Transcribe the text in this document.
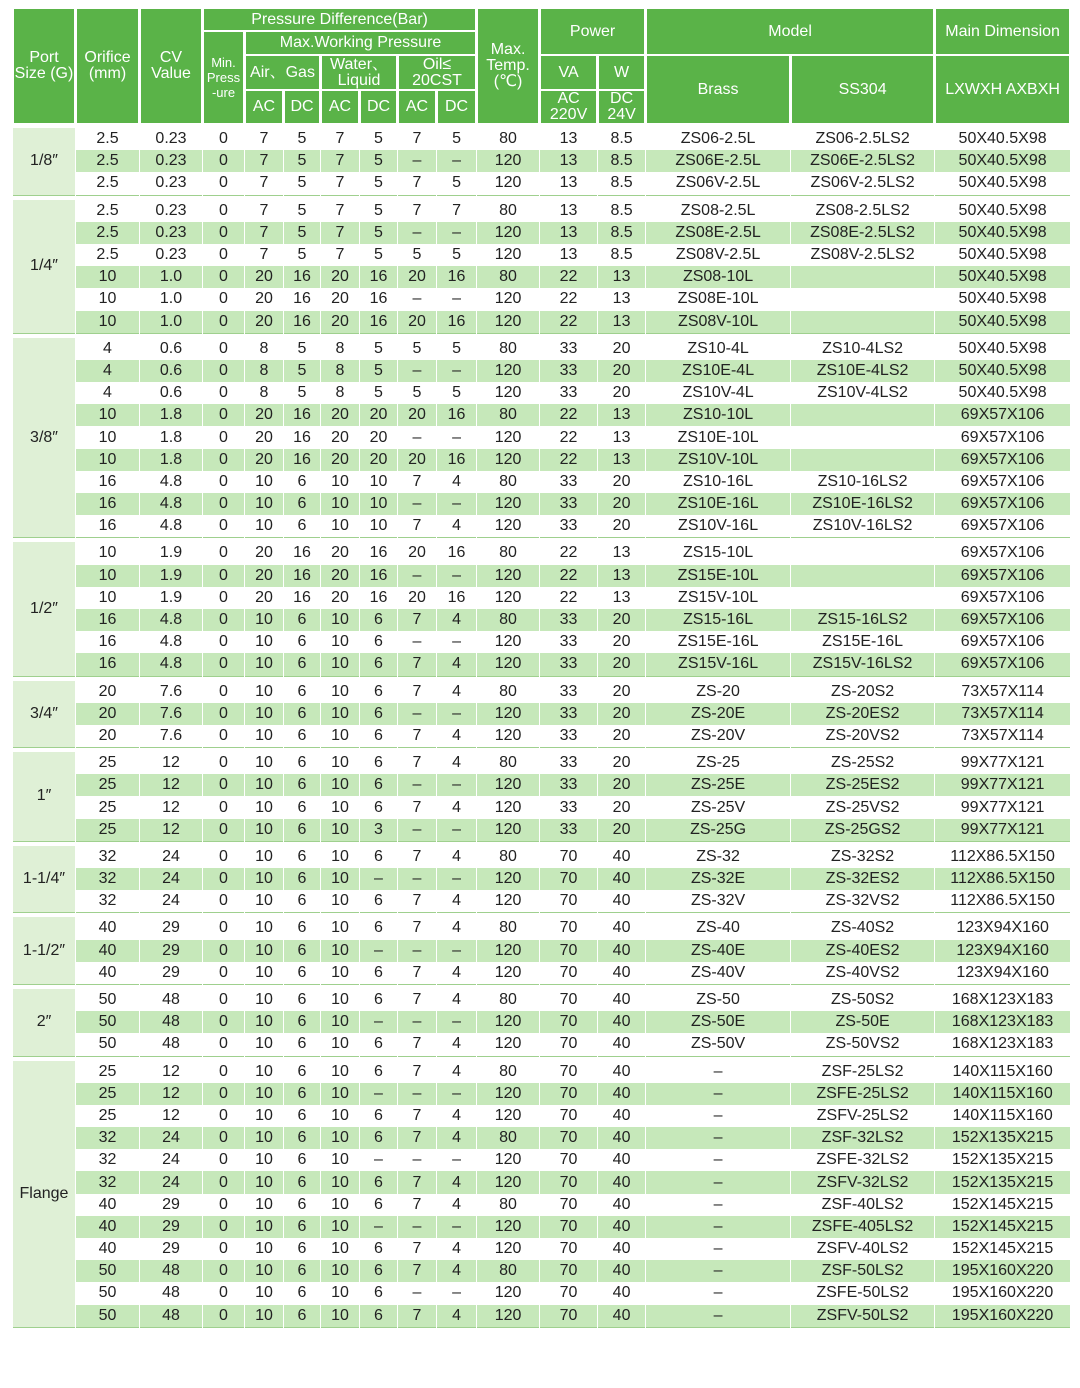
Port Size (G)	Orifice (mm)	CV Value	Pressure Difference(Bar)							Max. Temp. (℃)	Power		Model		Main Dimension
			Min. Press -ure	Max.Working Pressure											
				Air、Gas		Water、Liquid		Oil≤ 20CST			VA	W	Brass	SS304	LXWXH AXBXH
				AC	DC	AC	DC	AC	DC		AC 220V	DC 24V			
1/8″	2.5	0.23	0	7	5	7	5	7	5	80	13	8.5	ZS06-2.5L	ZS06-2.5LS2	50X40.5X98
	2.5	0.23	0	7	5	7	5	–	–	120	13	8.5	ZS06E-2.5L	ZS06E-2.5LS2	50X40.5X98
	2.5	0.23	0	7	5	7	5	7	5	120	13	8.5	ZS06V-2.5L	ZS06V-2.5LS2	50X40.5X98
1/4″	2.5	0.23	0	7	5	7	5	7	7	80	13	8.5	ZS08-2.5L	ZS08-2.5LS2	50X40.5X98
	2.5	0.23	0	7	5	7	5	–	–	120	13	8.5	ZS08E-2.5L	ZS08E-2.5LS2	50X40.5X98
	2.5	0.23	0	7	5	7	5	5	5	120	13	8.5	ZS08V-2.5L	ZS08V-2.5LS2	50X40.5X98
	10	1.0	0	20	16	20	16	20	16	80	22	13	ZS08-10L		50X40.5X98
	10	1.0	0	20	16	20	16	–	–	120	22	13	ZS08E-10L		50X40.5X98
	10	1.0	0	20	16	20	16	20	16	120	22	13	ZS08V-10L		50X40.5X98
3/8″	4	0.6	0	8	5	8	5	5	5	80	33	20	ZS10-4L	ZS10-4LS2	50X40.5X98
	4	0.6	0	8	5	8	5	–	–	120	33	20	ZS10E-4L	ZS10E-4LS2	50X40.5X98
	4	0.6	0	8	5	8	5	5	5	120	33	20	ZS10V-4L	ZS10V-4LS2	50X40.5X98
	10	1.8	0	20	16	20	20	20	16	80	22	13	ZS10-10L		69X57X106
	10	1.8	0	20	16	20	20	–	–	120	22	13	ZS10E-10L		69X57X106
	10	1.8	0	20	16	20	20	20	16	120	22	13	ZS10V-10L		69X57X106
	16	4.8	0	10	6	10	10	7	4	80	33	20	ZS10-16L	ZS10-16LS2	69X57X106
	16	4.8	0	10	6	10	10	–	–	120	33	20	ZS10E-16L	ZS10E-16LS2	69X57X106
	16	4.8	0	10	6	10	10	7	4	120	33	20	ZS10V-16L	ZS10V-16LS2	69X57X106
1/2″	10	1.9	0	20	16	20	16	20	16	80	22	13	ZS15-10L		69X57X106
	10	1.9	0	20	16	20	16	–	–	120	22	13	ZS15E-10L		69X57X106
	10	1.9	0	20	16	20	16	20	16	120	22	13	ZS15V-10L		69X57X106
	16	4.8	0	10	6	10	6	7	4	80	33	20	ZS15-16L	ZS15-16LS2	69X57X106
	16	4.8	0	10	6	10	6	–	–	120	33	20	ZS15E-16L	ZS15E-16L	69X57X106
	16	4.8	0	10	6	10	6	7	4	120	33	20	ZS15V-16L	ZS15V-16LS2	69X57X106
3/4″	20	7.6	0	10	6	10	6	7	4	80	33	20	ZS-20	ZS-20S2	73X57X114
	20	7.6	0	10	6	10	6	–	–	120	33	20	ZS-20E	ZS-20ES2	73X57X114
	20	7.6	0	10	6	10	6	7	4	120	33	20	ZS-20V	ZS-20VS2	73X57X114
1″	25	12	0	10	6	10	6	7	4	80	33	20	ZS-25	ZS-25S2	99X77X121
	25	12	0	10	6	10	6	–	–	120	33	20	ZS-25E	ZS-25ES2	99X77X121
	25	12	0	10	6	10	6	7	4	120	33	20	ZS-25V	ZS-25VS2	99X77X121
	25	12	0	10	6	10	3	–	–	120	33	20	ZS-25G	ZS-25GS2	99X77X121
1-1/4″	32	24	0	10	6	10	6	7	4	80	70	40	ZS-32	ZS-32S2	112X86.5X150
	32	24	0	10	6	10	–	–	–	120	70	40	ZS-32E	ZS-32ES2	112X86.5X150
	32	24	0	10	6	10	6	7	4	120	70	40	ZS-32V	ZS-32VS2	112X86.5X150
1-1/2″	40	29	0	10	6	10	6	7	4	80	70	40	ZS-40	ZS-40S2	123X94X160
	40	29	0	10	6	10	–	–	–	120	70	40	ZS-40E	ZS-40ES2	123X94X160
	40	29	0	10	6	10	6	7	4	120	70	40	ZS-40V	ZS-40VS2	123X94X160
2″	50	48	0	10	6	10	6	7	4	80	70	40	ZS-50	ZS-50S2	168X123X183
	50	48	0	10	6	10	–	–	–	120	70	40	ZS-50E	ZS-50E	168X123X183
	50	48	0	10	6	10	6	7	4	120	70	40	ZS-50V	ZS-50VS2	168X123X183
Flange	25	12	0	10	6	10	6	7	4	80	70	40	–	ZSF-25LS2	140X115X160
	25	12	0	10	6	10	–	–	–	120	70	40	–	ZSFE-25LS2	140X115X160
	25	12	0	10	6	10	6	7	4	120	70	40	–	ZSFV-25LS2	140X115X160
	32	24	0	10	6	10	6	7	4	80	70	40	–	ZSF-32LS2	152X135X215
	32	24	0	10	6	10	–	–	–	120	70	40	–	ZSFE-32LS2	152X135X215
	32	24	0	10	6	10	6	7	4	120	70	40	–	ZSFV-32LS2	152X135X215
	40	29	0	10	6	10	6	7	4	80	70	40	–	ZSF-40LS2	152X145X215
	40	29	0	10	6	10	–	–	–	120	70	40	–	ZSFE-405LS2	152X145X215
	40	29	0	10	6	10	6	7	4	120	70	40	–	ZSFV-40LS2	152X145X215
	50	48	0	10	6	10	6	7	4	80	70	40	–	ZSF-50LS2	195X160X220
	50	48	0	10	6	10	6	–	–	120	70	40	–	ZSFE-50LS2	195X160X220
	50	48	0	10	6	10	6	7	4	120	70	40	–	ZSFV-50LS2	195X160X220
